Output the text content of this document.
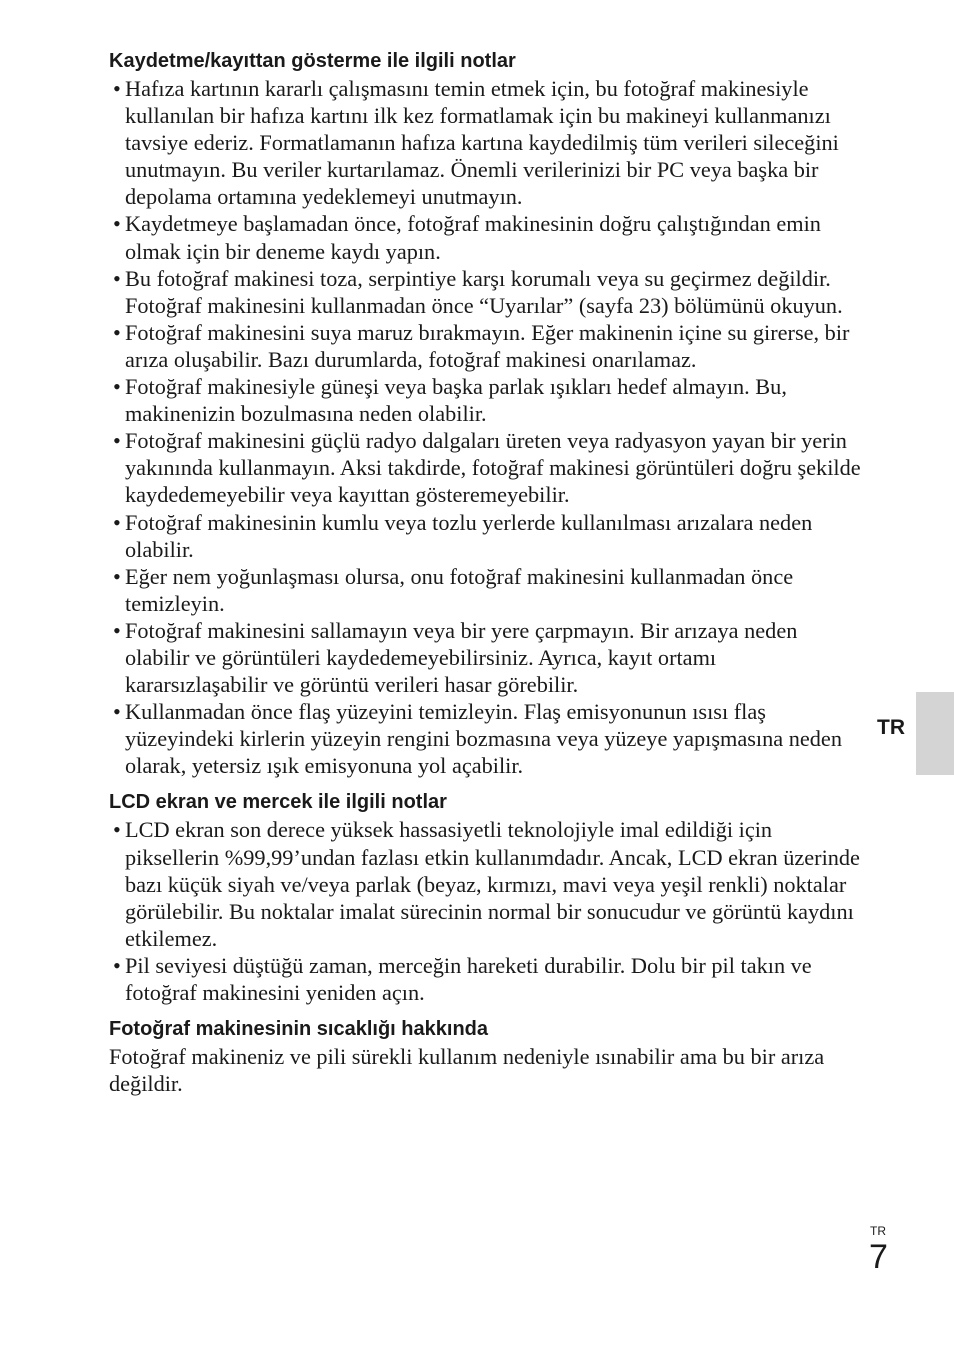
Kaydetme/kayıttan gösterme ile ilgili notlar
• Hafıza kartının kararlı çalışmasını temin etmek için, bu fotoğraf makinesiyle kullanılan bir hafıza kartını ilk kez formatlamak için bu makineyi kullanmanızı tavsiye ederiz. Formatlamanın hafıza kartına kaydedilmiş tüm verileri sileceğini unutmayın. Bu veriler kurtarılamaz. Önemli verilerinizi bir PC veya başka bir depolama ortamına yedeklemeyi unutmayın.
• Kaydetmeye başlamadan önce, fotoğraf makinesinin doğru çalıştığından emin olmak için bir deneme kaydı yapın.
• Bu fotoğraf makinesi toza, serpintiye karşı korumalı veya su geçirmez değildir. Fotoğraf makinesini kullanmadan önce “Uyarılar” (sayfa 23) bölümünü okuyun.
• Fotoğraf makinesini suya maruz bırakmayın. Eğer makinenin içine su girerse, bir arıza oluşabilir. Bazı durumlarda, fotoğraf makinesi onarılamaz.
• Fotoğraf makinesiyle güneşi veya başka parlak ışıkları hedef almayın. Bu, makinenizin bozulmasına neden olabilir.
• Fotoğraf makinesini güçlü radyo dalgaları üreten veya radyasyon yayan bir yerin yakınında kullanmayın. Aksi takdirde, fotoğraf makinesi görüntüleri doğru şekilde kaydedemeyebilir veya kayıttan gösteremeyebilir.
• Fotoğraf makinesinin kumlu veya tozlu yerlerde kullanılması arızalara neden olabilir.
• Eğer nem yoğunlaşması olursa, onu fotoğraf makinesini kullanmadan önce temizleyin.
• Fotoğraf makinesini sallamayın veya bir yere çarpmayın. Bir arızaya neden olabilir ve görüntüleri kaydedemeyebilirsiniz. Ayrıca, kayıt ortamı kararsızlaşabilir ve görüntü verileri hasar görebilir.
• Kullanmadan önce flaş yüzeyini temizleyin. Flaş emisyonunun ısısı flaş yüzeyindeki kirlerin yüzeyin rengini bozmasına veya yüzeye yapışmasına neden olarak, yetersiz ışık emisyonuna yol açabilir.
LCD ekran ve mercek ile ilgili notlar
• LCD ekran son derece yüksek hassasiyetli teknolojiyle imal edildiği için piksellerin %99,99’undan fazlası etkin kullanımdadır. Ancak, LCD ekran üzerinde bazı küçük siyah ve/veya parlak (beyaz, kırmızı, mavi veya yeşil renkli) noktalar görülebilir. Bu noktalar imalat sürecinin normal bir sonucudur ve görüntü kaydını etkilemez.
• Pil seviyesi düştüğü zaman, merceğin hareketi durabilir. Dolu bir pil takın ve fotoğraf makinesini yeniden açın.
Fotoğraf makinesinin sıcaklığı hakkında

Fotoğraf makineniz ve pili sürekli kullanım nedeniyle ısınabilir ama bu bir arıza değildir.

TR
TR
7
